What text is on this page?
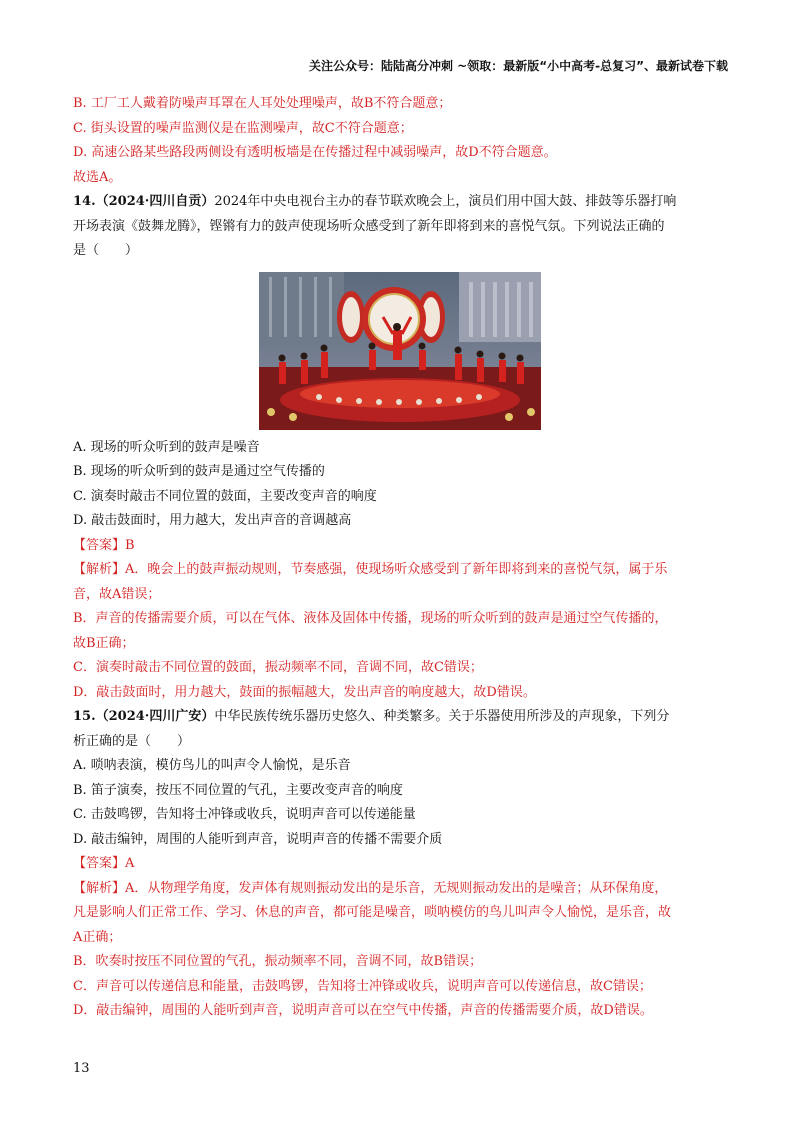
关注公众号：陆陆高分冲刺 ~领取：最新版“小中高考-总复习”、最新试卷下载
B. 工厂工人戴着防噪声耳罩在人耳处处理噪声，故B不符合题意；
C. 街头设置的噪声监测仪是在监测噪声，故C不符合题意；
D. 高速公路某些路段两侧设有透明板墙是在传播过程中减弱噪声，故D不符合题意。
故选A。
14.（2024·四川自贡）2024年中央电视台主办的春节联欢晚会上，演员们用中国大鼓、排鼓等乐器打响
开场表演《鼓舞龙腾》，铿锵有力的鼓声使现场听众感受到了新年即将到来的喜悦气氛。下列说法正确的
是（　　）
A. 现场的听众听到的鼓声是噪音
B. 现场的听众听到的鼓声是通过空气传播的
C. 演奏时敲击不同位置的鼓面，主要改变声音的响度
D. 敲击鼓面时，用力越大，发出声音的音调越高
【答案】B
【解析】A．晚会上的鼓声振动规则，节奏感强，使现场听众感受到了新年即将到来的喜悦气氛，属于乐
音，故A错误；
B．声音的传播需要介质，可以在气体、液体及固体中传播，现场的听众听到的鼓声是通过空气传播的，
故B正确；
C．演奏时敲击不同位置的鼓面，振动频率不同，音调不同，故C错误；
D．敲击鼓面时，用力越大，鼓面的振幅越大，发出声音的响度越大，故D错误。
15.（2024·四川广安）中华民族传统乐器历史悠久、种类繁多。关于乐器使用所涉及的声现象，下列分
析正确的是（　　）
A. 唢呐表演，模仿鸟儿的叫声令人愉悦，是乐音
B. 笛子演奏，按压不同位置的气孔，主要改变声音的响度
C. 击鼓鸣锣，告知将士冲锋或收兵，说明声音可以传递能量
D. 敲击编钟，周围的人能听到声音，说明声音的传播不需要介质
【答案】A
【解析】A．从物理学角度，发声体有规则振动发出的是乐音，无规则振动发出的是噪音；从环保角度，
凡是影响人们正常工作、学习、休息的声音，都可能是噪音，唢呐模仿的鸟儿叫声令人愉悦，是乐音，故
A正确；
B．吹奏时按压不同位置的气孔，振动频率不同，音调不同，故B错误；
C．声音可以传递信息和能量，击鼓鸣锣，告知将士冲锋或收兵，说明声音可以传递信息，故C错误；
D．敲击编钟，周围的人能听到声音，说明声音可以在空气中传播，声音的传播需要介质，故D错误。
13
